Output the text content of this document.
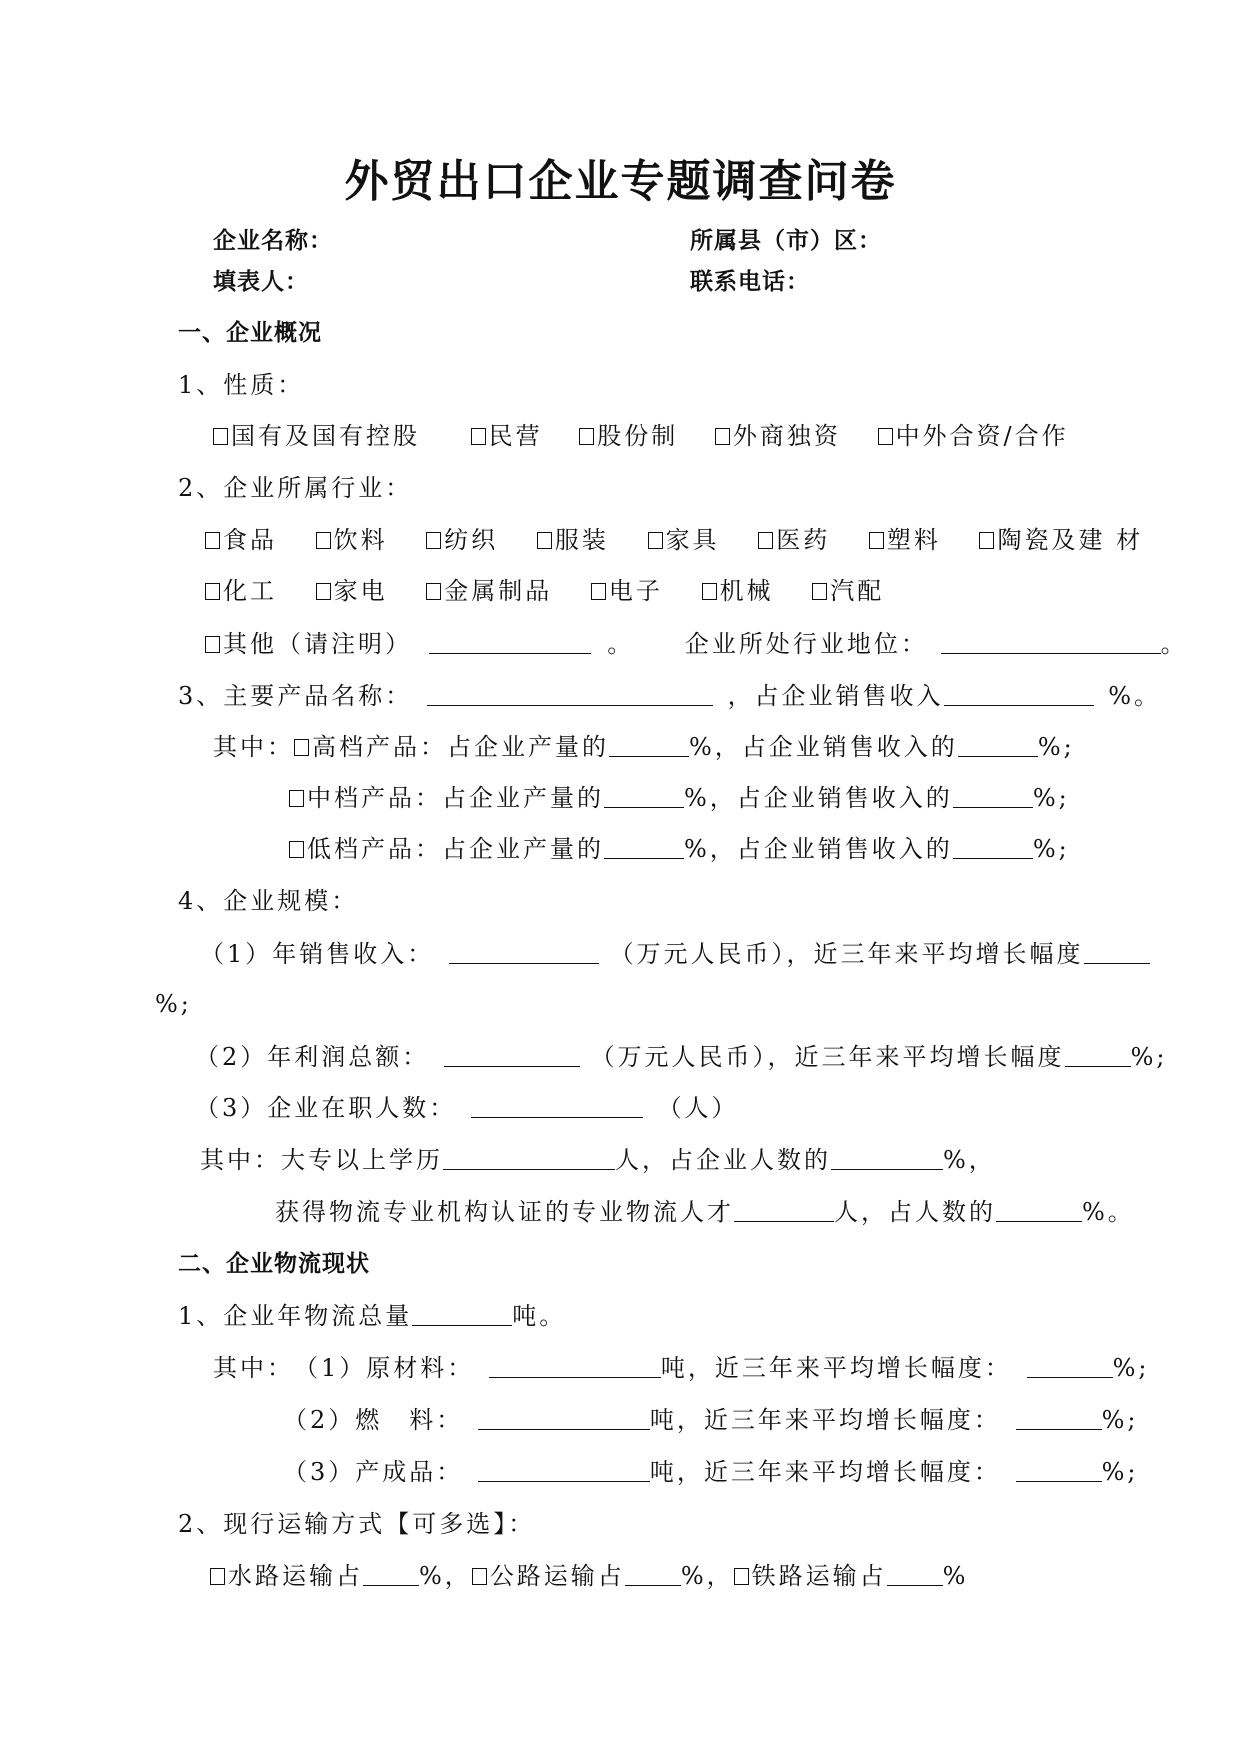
外贸出口企业专题调查问卷
企业名称：	所属县（市）区：
填表人：	联系电话：
一、企业概况
1、性质：
国有及国有控股	民营 股份制 外商独资 中外合资/合作
2、企业所属行业：
食品 饮料 纺织 服装 家具 医药 塑料 陶瓷及建 材
化工 家电 金属制品 电子 机械 汽配
其他（请注明）	。 企业所处行业地位：	。
3、主要产品名称：	，占企业销售收入	%。
其中： 高档产品：占企业产量的	%，占企业销售收入的	%;
中档产品：占企业产量的	%，占企业销售收入的	%;
低档产品：占企业产量的	%，占企业销售收入的	%;
4、企业规模：
（1）年销售收入：	（万元人民币），近三年来平均增长幅度
%;
（2）年利润总额：	（万元人民币），近三年来平均增长幅度	%;
（3）企业在职人数：	（人）
其中：大专以上学历	人，占企业人数的	%，
获得物流专业机构认证的专业物流人才	人，占人数的	%。
二、企业物流现状
1、企业年物流总量	吨。
其中：（1）原材料：	吨，近三年来平均增长幅度：	%;
（2）燃　料：	吨，近三年来平均增长幅度：	%;
（3）产成品：	吨，近三年来平均增长幅度：	%;
2、现行运输方式【可多选】：
水路运输占 %， 公路运输占 %， 铁路运输占 %
